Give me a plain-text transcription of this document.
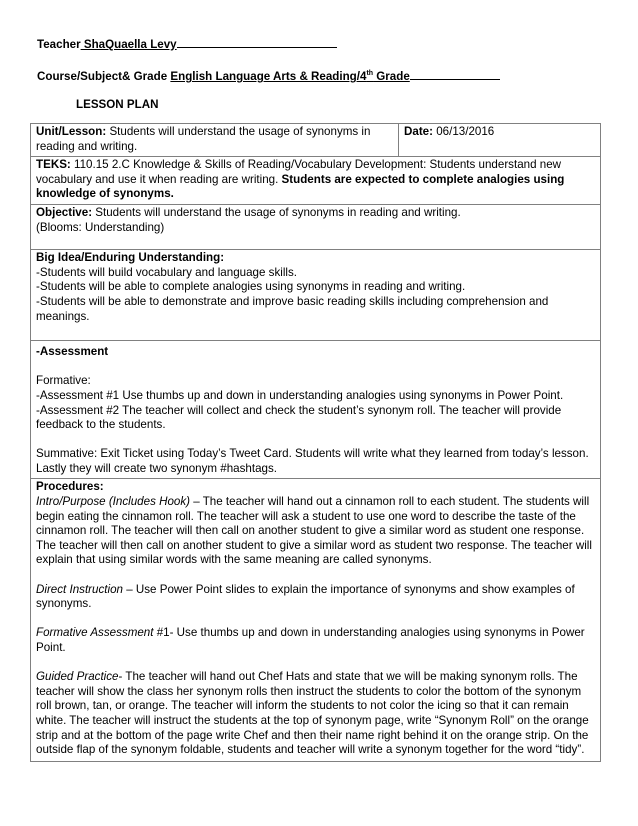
Teacher ShaQuaella Levy
Course/Subject& Grade English Language Arts & Reading/4th Grade
LESSON PLAN
Unit/Lesson: Students will understand the usage of synonyms in reading and writing.	Date: 06/13/2016
TEKS: 110.15 2.C Knowledge & Skills of Reading/Vocabulary Development: Students understand new vocabulary and use it when reading are writing. Students are expected to complete analogies using knowledge of synonyms.

Objective: Students will understand the usage of synonyms in reading and writing.

(Blooms: Understanding)

Big Idea/Enduring Understanding:

-Students will build vocabulary and language skills.

-Students will be able to complete analogies using synonyms in reading and writing.

-Students will be able to demonstrate and improve basic reading skills including comprehension and meanings.

-Assessment

Formative:

-Assessment #1 Use thumbs up and down in understanding analogies using synonyms in Power Point.

-Assessment #2 The teacher will collect and check the student’s synonym roll. The teacher will provide feedback to the students.

Summative: Exit Ticket using Today’s Tweet Card. Students will write what they learned from today’s lesson. Lastly they will create two synonym #hashtags.

Procedures:

Intro/Purpose (Includes Hook) – The teacher will hand out a cinnamon roll to each student. The students will begin eating the cinnamon roll. The teacher will ask a student to use one word to describe the taste of the cinnamon roll. The teacher will then call on another student to give a similar word as student one response. The teacher will then call on another student to give a similar word as student two response. The teacher will explain that using similar words with the same meaning are called synonyms.

Direct Instruction – Use Power Point slides to explain the importance of synonyms and show examples of synonyms.

Formative Assessment #1- Use thumbs up and down in understanding analogies using synonyms in Power Point.

Guided Practice- The teacher will hand out Chef Hats and state that we will be making synonym rolls. The teacher will show the class her synonym rolls then instruct the students to color the bottom of the synonym roll brown, tan, or orange. The teacher will inform the students to not color the icing so that it can remain white. The teacher will instruct the students at the top of synonym page, write “Synonym Roll” on the orange strip and at the bottom of the page write Chef and then their name right behind it on the orange strip. On the outside flap of the synonym foldable, students and teacher will write a synonym together for the word “tidy”.
